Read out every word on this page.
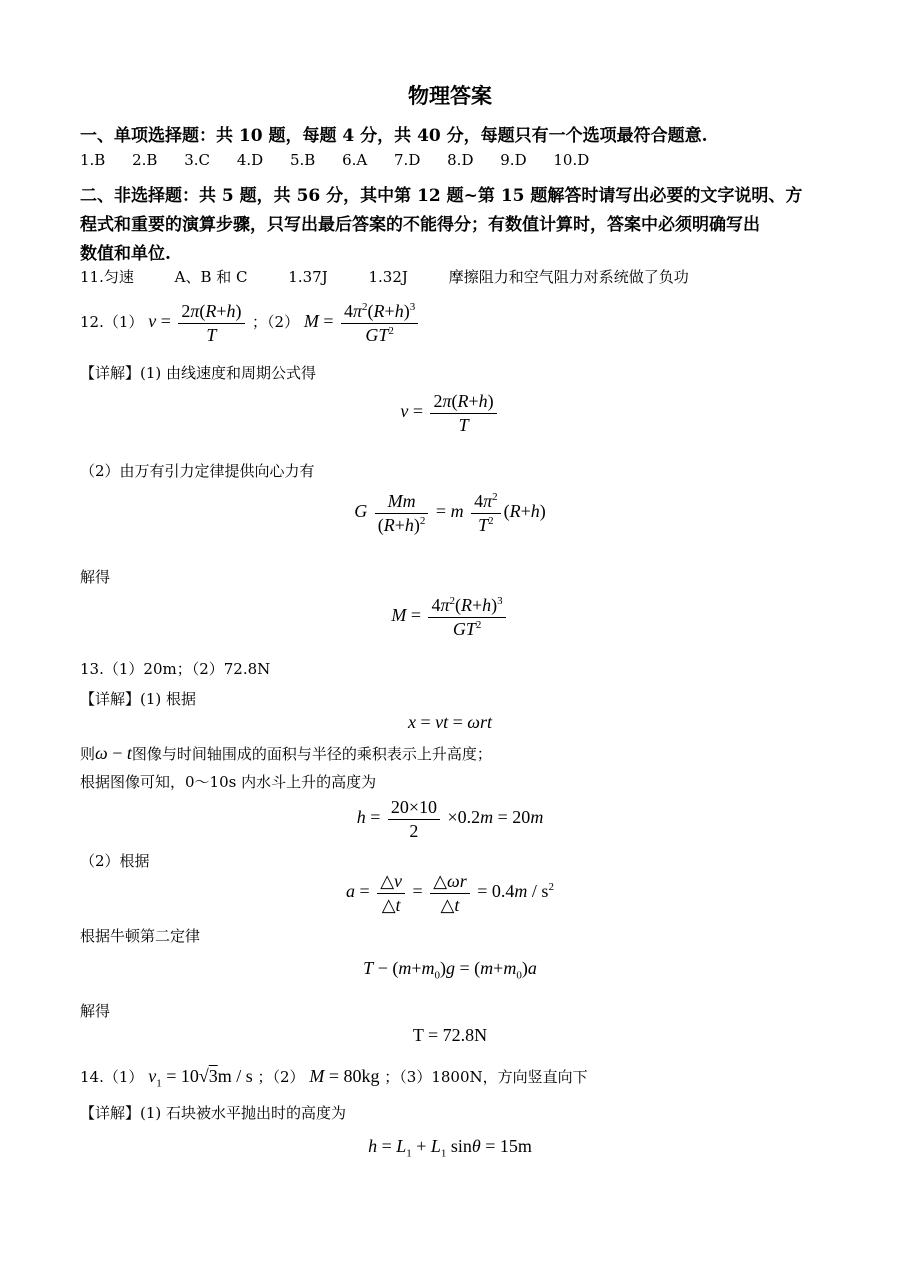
物理答案
一、单项选择题：共 10 题，每题 4 分，共 40 分，每题只有一个选项最符合题意.
1.B 2.B 3.C 4.D 5.B 6.A 7.D 8.D 9.D 10.D
二、非选择题：共 5 题，共 56 分，其中第 12 题~第 15 题解答时请写出必要的文字说明、方
程式和重要的演算步骤，只写出最后答案的不能得分；有数值计算时，答案中必须明确写出
数值和单位.
11.匀速	A、B 和 C	1.37J	1.32J	摩擦阻力和空气阻力对系统做了负功
12.（1） $v = \frac{2\pi(R+h)}{T}$ ；（2） $M = \frac{4\pi^2(R+h)^3}{GT^2}$
【详解】(1) 由线速度和周期公式得
$v = \frac{2\pi(R+h)}{T}$
（2）由万有引力定律提供向心力有
G $\frac{Mm}{(R+h)^2} = m \frac{4\pi^2}{T^2} (R+h)$
解得
$M = \frac{4\pi^2(R+h)^3}{GT^2}$
13.（1）20m；（2）72.8N
【详解】(1) 根据
x = vt = ωrt
则ω − t图像与时间轴围成的面积与半径的乘积表示上升高度；
根据图像可知，0～10s 内水斗上升的高度为
$h = \frac{20\times 10}{2} \times 0.2m = 20m$
（2）根据
$a = \frac{\triangle v}{\triangle t} = \frac{\triangle\omega r}{\triangle t} = 0.4m / s^2$
根据牛顿第二定律
$T - (m+m_0)g = (m+m_0)a$
解得
T = 72.8N
14.（1） $v_1 = 10√3m / s$ ；（2） M = 80kg ；（3）1800N，方向竖直向下
【详解】(1) 石块被水平抛出时的高度为
$h = L_1 + L_1$ sinθ = 15m
